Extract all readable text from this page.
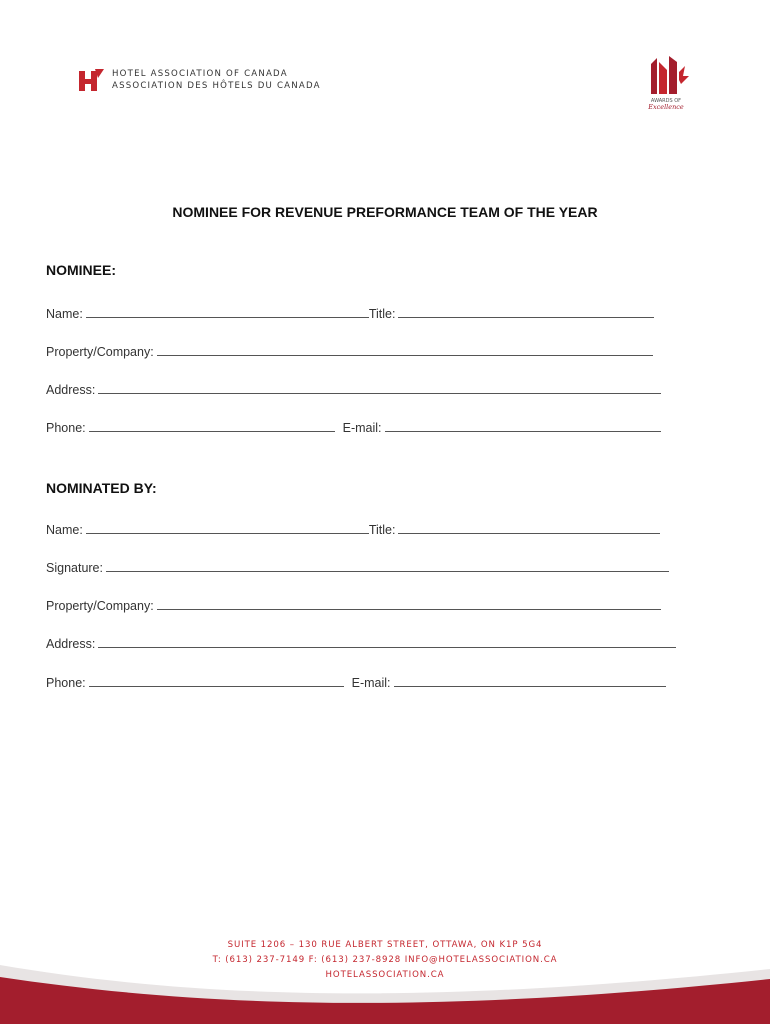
HOTEL ASSOCIATION OF CANADA
ASSOCIATION DES HÔTELS DU CANADA
AWARDS OF
Excellence
NOMINEE FOR REVENUE PREFORMANCE TEAM OF THE YEAR
NOMINEE:
Name:	Title:
Property/Company:
Address:
Phone:	E-mail:
NOMINATED BY:
Name:	Title:
Signature:
Property/Company:
Address:
Phone:	E-mail:
SUITE 1206 – 130 RUE ALBERT STREET, OTTAWA, ON K1P 5G4
T: (613) 237-7149 F: (613) 237-8928 INFO@HOTELASSOCIATION.CA
HOTELASSOCIATION.CA
